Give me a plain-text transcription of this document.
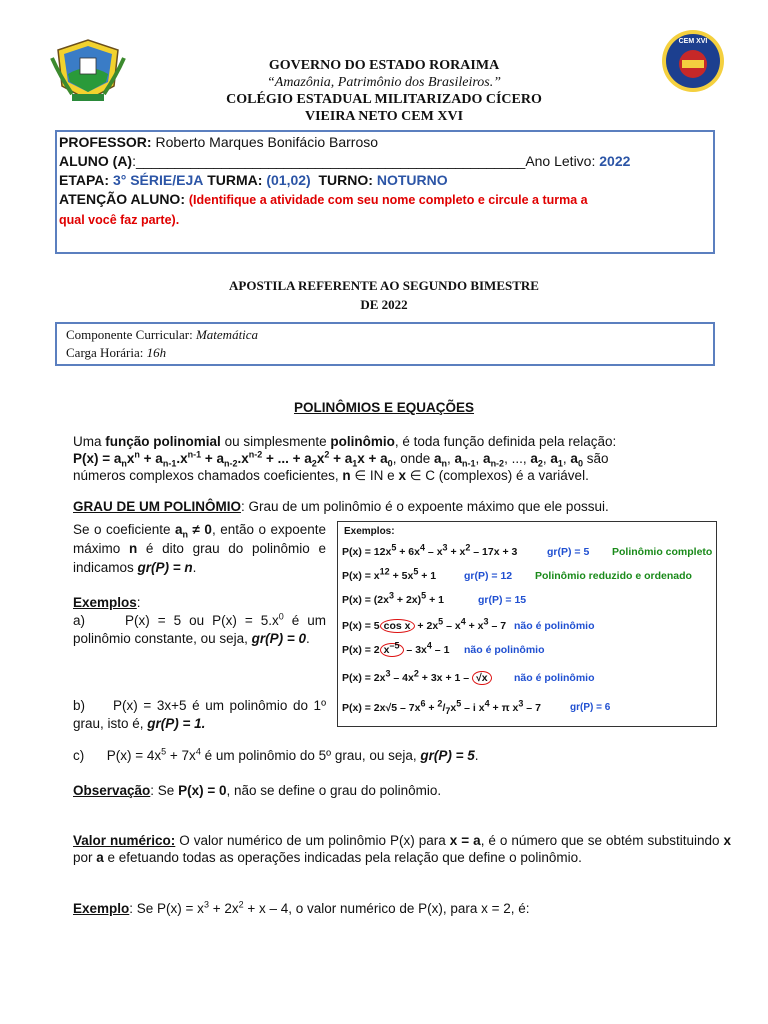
CEM XVI
GOVERNO DO ESTADO RORAIMA
“Amazônia, Patrimônio dos Brasileiros.”
COLÉGIO ESTADUAL MILITARIZADO CÍCERO
VIEIRA NETO CEM XVI
PROFESSOR: Roberto Marques Bonifácio Barroso
ALUNO (A):__________________________________________________Ano Letivo: 2022
ETAPA: 3° SÉRIE/EJA TURMA: (01,02) TURNO: NOTURNO
ATENÇÃO ALUNO: (Identifique a atividade com seu nome completo e circule a turma a
qual você faz parte).
APOSTILA REFERENTE AO SEGUNDO BIMESTRE
DE 2022
Componente Curricular: Matemática
Carga Horária: 16h
POLINÔMIOS E EQUAÇÕES
Uma função polinomial ou simplesmente polinômio, é toda função definida pela relação:
$P(x) = a_nx^n + a_{n-1}.x^{n-1} + a_{n-2}.x^{n-2}$ + ... + $a_2x^2 + a_1x + a_0$, onde $a_n$, $a_{n-1}$, $a_{n-2}$, ..., $a_2$, $a_1$, $a_0$ são
números complexos chamados coeficientes, n ∈ IN e x ∈ C (complexos) é a variável.
GRAU DE UM POLINÔMIO: Grau de um polinômio é o expoente máximo que ele possui.
Se o coeficiente $a_n \ne 0$, então o expoente máximo n é dito grau do polinômio e indicamos gr(P) = n.
Exemplos:
a)     P(x) = 5 ou $P(x) = 5.x^0$ é um polinômio constante, ou seja, gr(P) = 0.
b)     P(x) = 3x+5 é um polinômio do 1º grau, isto é, gr(P) = 1.
c)      $P(x) = 4x^5 + 7x^4$ é um polinômio do 5º grau, ou seja, gr(P) = 5.
Observação: Se P(x) = 0, não se define o grau do polinômio.
Valor numérico: O valor numérico de um polinômio P(x) para x = a, é o número que se obtém substituindo x por a e efetuando todas as operações indicadas pela relação que define o polinômio.
Exemplo: Se $P(x) = x^3 + 2x^2 + x - 4$, o valor numérico de P(x), para x = 2, é:
Exemplos:
$P(x) = 12x^5 + 6x^4 - x^3 + x^2 - 17x + 3$	gr(P) = 5 Polinômio completo
$P(x) = x^{12} + 5x^5 + 1$	gr(P) = 12 Polinômio reduzido e ordenado
$P(x) = (2x^3 + 2x)^5 + 1$	gr(P) = 15
P(x) = 5 $\cos x + 2x^5 - x^4 + x^3 - 7$ não é polinômio
P(x) = 2 $x^{-5} - 3x^4 - 1$ não é polinômio
$P(x) = 2x^3 - 4x^2 + 3x + 1 - √x$	não é polinômio
$P(x) = 2x√5 - 7x^6 + ^2/_7x^5 - i$ $x^4 + \pi$ $x^3 - 7$	gr(P) = 6
